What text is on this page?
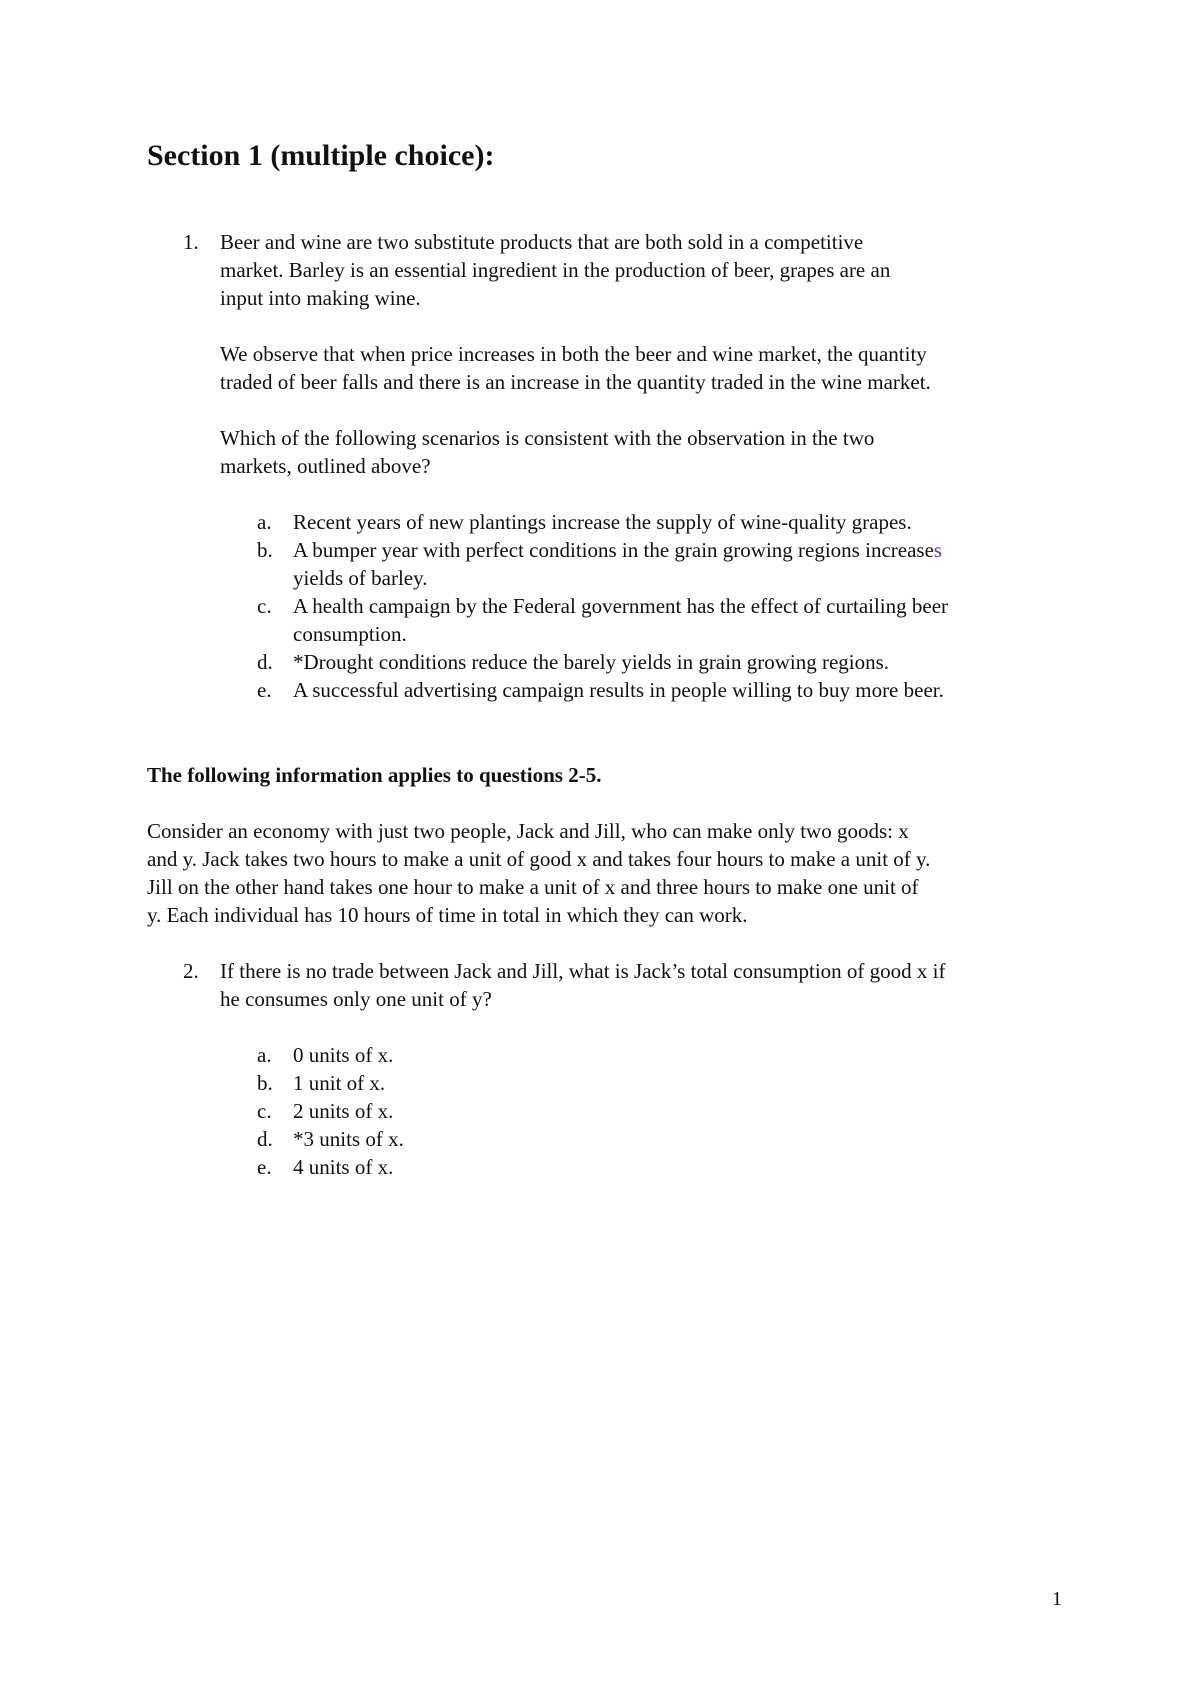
Section 1 (multiple choice):
1. Beer and wine are two substitute products that are both sold in a competitive
market. Barley is an essential ingredient in the production of beer, grapes are an
input into making wine.
We observe that when price increases in both the beer and wine market, the quantity
traded of beer falls and there is an increase in the quantity traded in the wine market.
Which of the following scenarios is consistent with the observation in the two
markets, outlined above?
a. Recent years of new plantings increase the supply of wine-quality grapes.
b. A bumper year with perfect conditions in the grain growing regions increases
yields of barley.
c. A health campaign by the Federal government has the effect of curtailing beer
consumption.
d. *Drought conditions reduce the barely yields in grain growing regions.
e. A successful advertising campaign results in people willing to buy more beer.
The following information applies to questions 2-5.
Consider an economy with just two people, Jack and Jill, who can make only two goods: x
and y. Jack takes two hours to make a unit of good x and takes four hours to make a unit of y.
Jill on the other hand takes one hour to make a unit of x and three hours to make one unit of
y. Each individual has 10 hours of time in total in which they can work.
2. If there is no trade between Jack and Jill, what is Jack’s total consumption of good x if
he consumes only one unit of y?
a. 0 units of x.
b. 1 unit of x.
c. 2 units of x.
d. *3 units of x.
e. 4 units of x.
1
